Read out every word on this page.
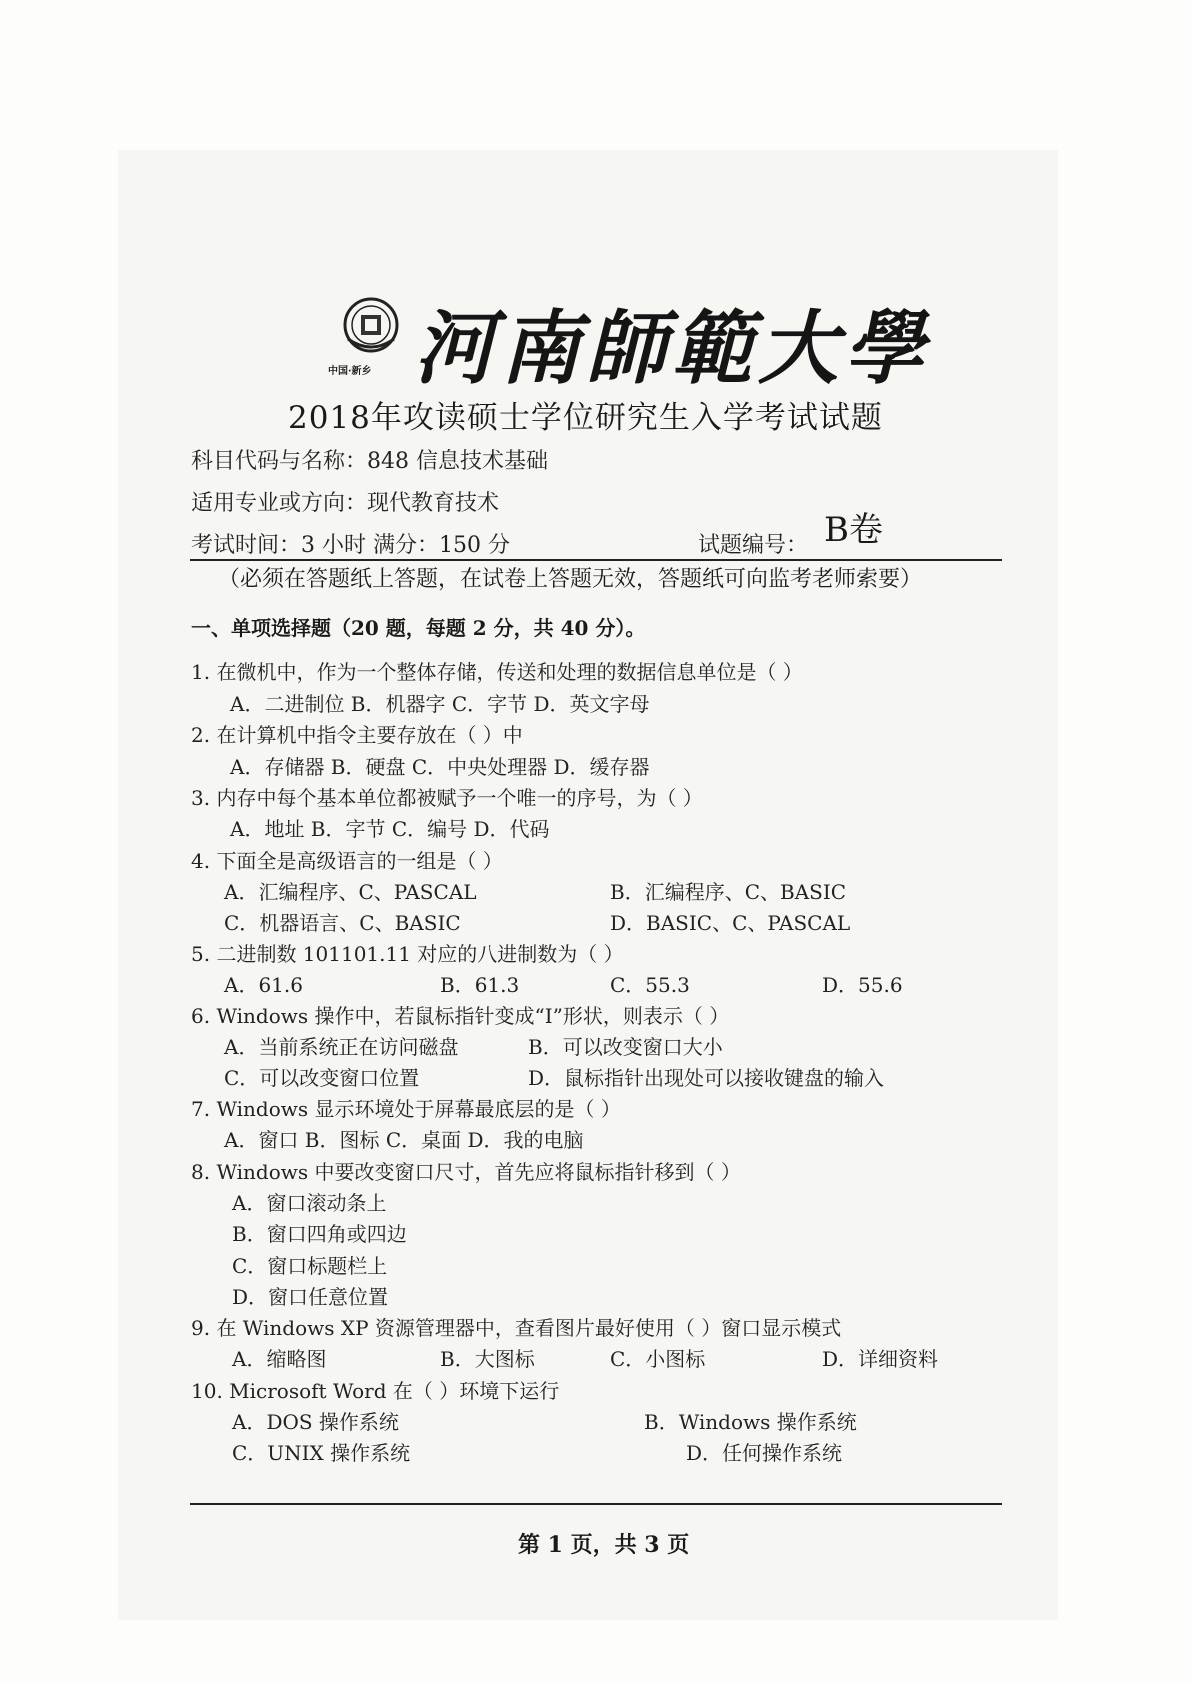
中国·新乡 河南師範大學
2018年攻读硕士学位研究生入学考试试题
科目代码与名称：848 信息技术基础
适用专业或方向：现代教育技术
考试时间：3 小时 满分：150 分	试题编号： B卷
（必须在答题纸上答题，在试卷上答题无效，答题纸可向监考老师索要）
一、单项选择题（20 题，每题 2 分，共 40 分）。
1. 在微机中，作为一个整体存储，传送和处理的数据信息单位是（ ）
A．二进制位 B．机器字 C．字节 D．英文字母
2. 在计算机中指令主要存放在（ ）中
A．存储器 B．硬盘 C．中央处理器 D．缓存器
3. 内存中每个基本单位都被赋予一个唯一的序号，为（ ）
A．地址 B．字节 C．编号 D．代码
4. 下面全是高级语言的一组是（ ）
A．汇编程序、C、PASCAL	B．汇编程序、C、BASIC
C．机器语言、C、BASIC	D．BASIC、C、PASCAL
5. 二进制数 101101.11 对应的八进制数为（ ）
A．61.6	B．61.3	C．55.3	D．55.6
6. Windows 操作中，若鼠标指针变成“I”形状，则表示（ ）
A．当前系统正在访问磁盘	B．可以改变窗口大小
C．可以改变窗口位置	D．鼠标指针出现处可以接收键盘的输入
7. Windows 显示环境处于屏幕最底层的是（ ）
A．窗口 B．图标 C．桌面 D．我的电脑
8. Windows 中要改变窗口尺寸，首先应将鼠标指针移到（ ）
A．窗口滚动条上
B．窗口四角或四边
C．窗口标题栏上
D．窗口任意位置
9. 在 Windows XP 资源管理器中，查看图片最好使用（ ）窗口显示模式
A．缩略图	B．大图标	C．小图标	D．详细资料
10. Microsoft Word 在（ ）环境下运行
A．DOS 操作系统	B．Windows 操作系统
C．UNIX 操作系统	D．任何操作系统
第 1 页，共 3 页
